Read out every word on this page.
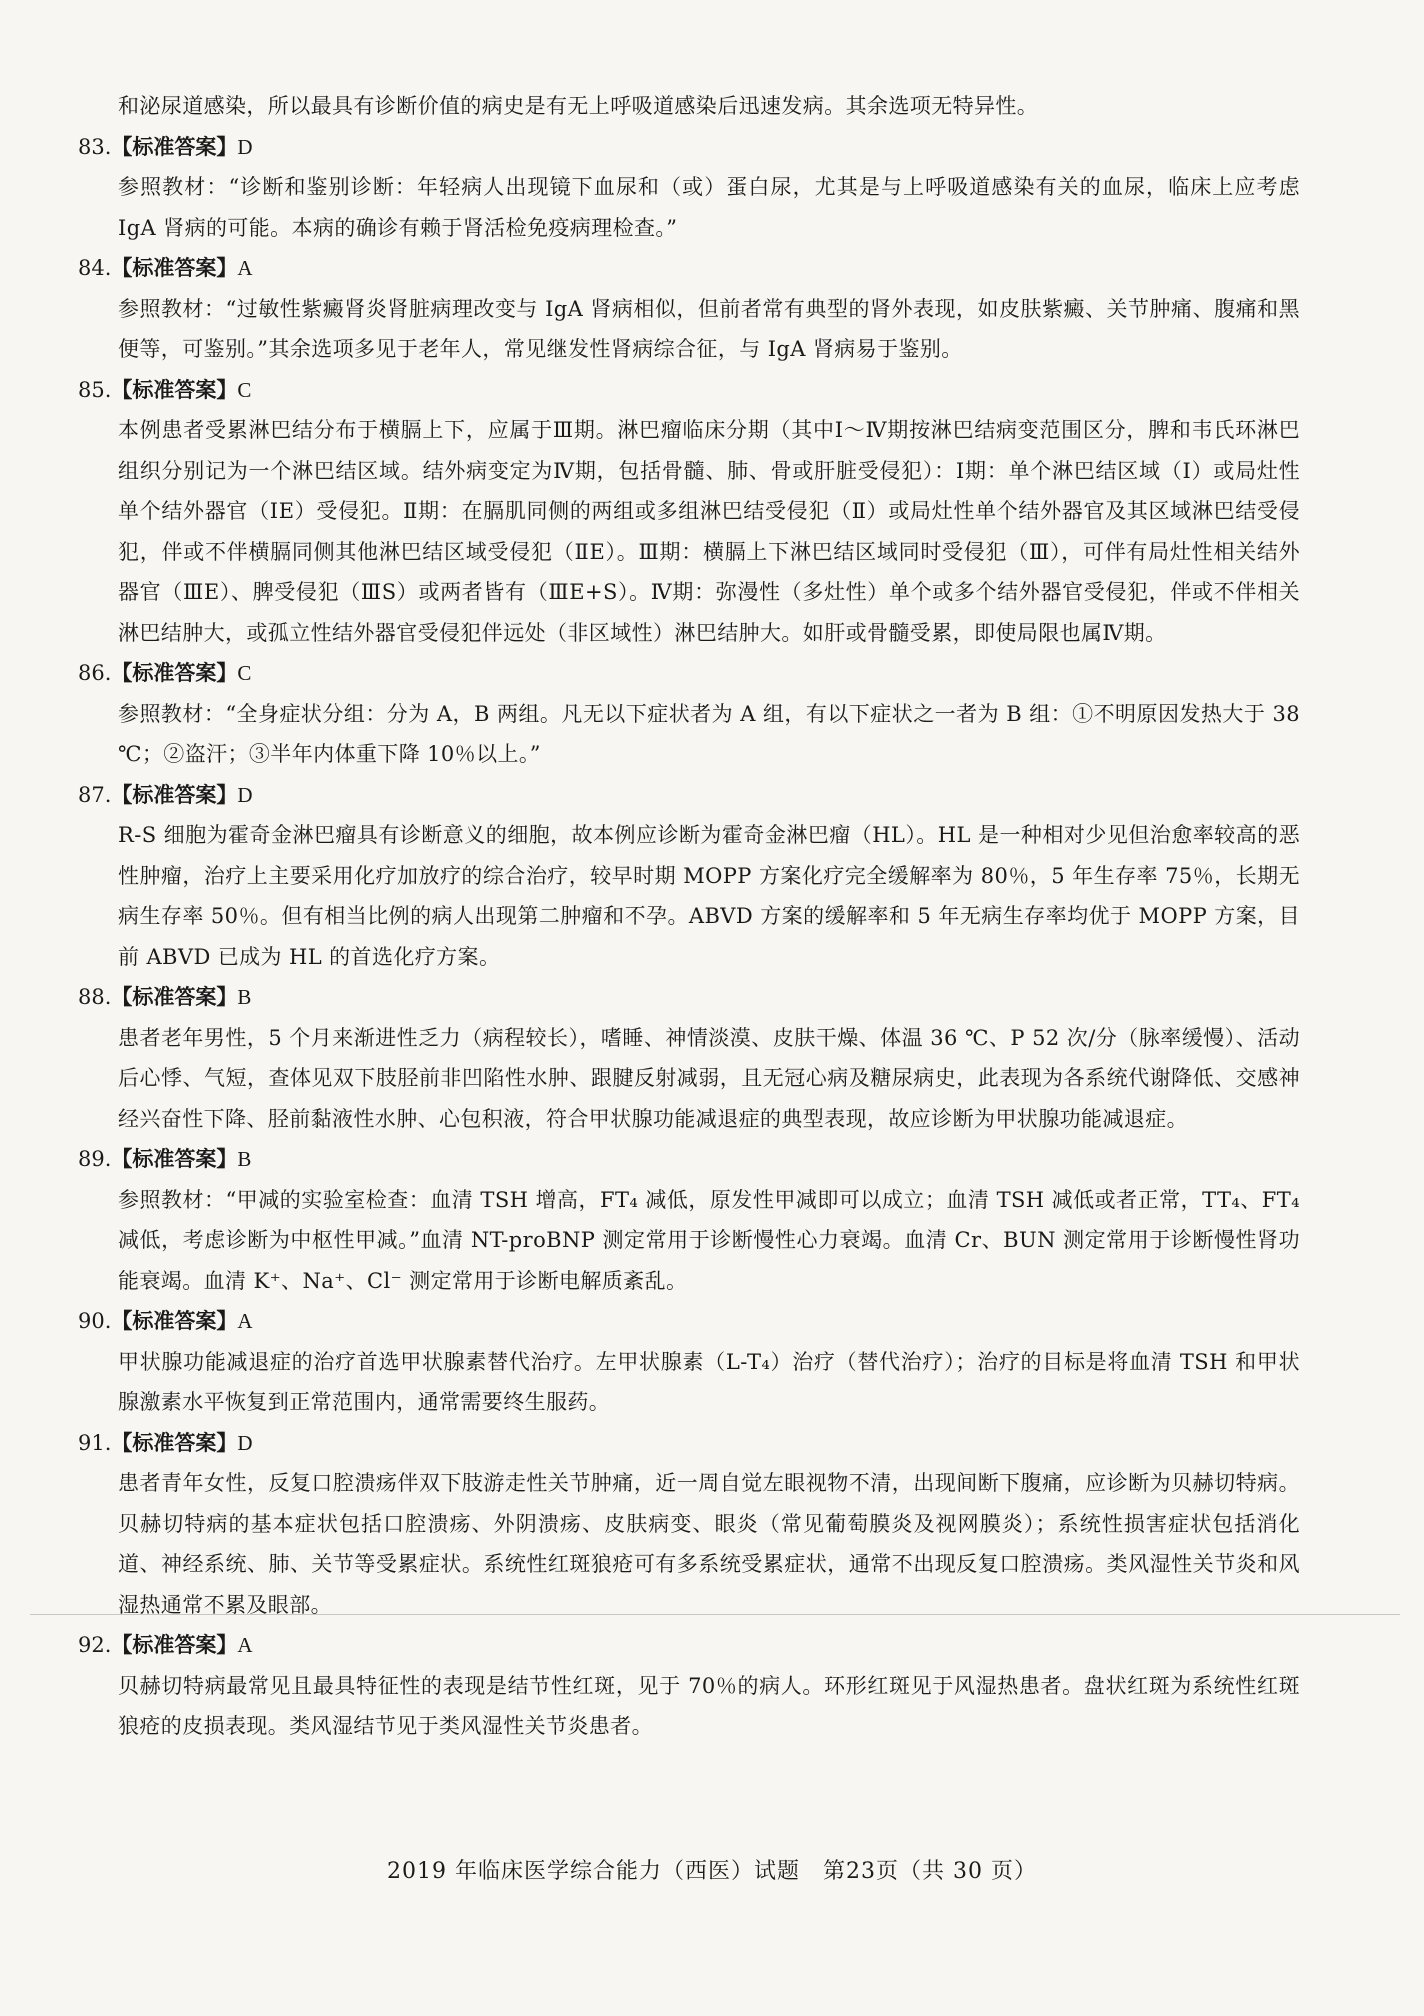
和泌尿道感染，所以最具有诊断价值的病史是有无上呼吸道感染后迅速发病。其余选项无特异性。

83.【标准答案】D

参照教材：“诊断和鉴别诊断：年轻病人出现镜下血尿和（或）蛋白尿，尤其是与上呼吸道感染有关的血尿，临床上应考虑 IgA 肾病的可能。本病的确诊有赖于肾活检免疫病理检查。”

84.【标准答案】A

参照教材：“过敏性紫癜肾炎肾脏病理改变与 IgA 肾病相似，但前者常有典型的肾外表现，如皮肤紫癜、关节肿痛、腹痛和黑便等，可鉴别。”其余选项多见于老年人，常见继发性肾病综合征，与 IgA 肾病易于鉴别。

85.【标准答案】C

本例患者受累淋巴结分布于横膈上下，应属于Ⅲ期。淋巴瘤临床分期（其中Ⅰ～Ⅳ期按淋巴结病变范围区分，脾和韦氏环淋巴组织分别记为一个淋巴结区域。结外病变定为Ⅳ期，包括骨髓、肺、骨或肝脏受侵犯）：Ⅰ期：单个淋巴结区域（Ⅰ）或局灶性单个结外器官（ⅠE）受侵犯。Ⅱ期：在膈肌同侧的两组或多组淋巴结受侵犯（Ⅱ）或局灶性单个结外器官及其区域淋巴结受侵犯，伴或不伴横膈同侧其他淋巴结区域受侵犯（ⅡE）。Ⅲ期：横膈上下淋巴结区域同时受侵犯（Ⅲ），可伴有局灶性相关结外器官（ⅢE）、脾受侵犯（ⅢS）或两者皆有（ⅢE+S）。Ⅳ期：弥漫性（多灶性）单个或多个结外器官受侵犯，伴或不伴相关淋巴结肿大，或孤立性结外器官受侵犯伴远处（非区域性）淋巴结肿大。如肝或骨髓受累，即使局限也属Ⅳ期。

86.【标准答案】C

参照教材：“全身症状分组：分为 A，B 两组。凡无以下症状者为 A 组，有以下症状之一者为 B 组：①不明原因发热大于 38 ℃；②盗汗；③半年内体重下降 10％以上。”

87.【标准答案】D

R-S 细胞为霍奇金淋巴瘤具有诊断意义的细胞，故本例应诊断为霍奇金淋巴瘤（HL）。HL 是一种相对少见但治愈率较高的恶性肿瘤，治疗上主要采用化疗加放疗的综合治疗，较早时期 MOPP 方案化疗完全缓解率为 80％，5 年生存率 75％，长期无病生存率 50％。但有相当比例的病人出现第二肿瘤和不孕。ABVD 方案的缓解率和 5 年无病生存率均优于 MOPP 方案，目前 ABVD 已成为 HL 的首选化疗方案。

88.【标准答案】B

患者老年男性，5 个月来渐进性乏力（病程较长），嗜睡、神情淡漠、皮肤干燥、体温 36 ℃、P 52 次/分（脉率缓慢）、活动后心悸、气短，查体见双下肢胫前非凹陷性水肿、跟腱反射减弱，且无冠心病及糖尿病史，此表现为各系统代谢降低、交感神经兴奋性下降、胫前黏液性水肿、心包积液，符合甲状腺功能减退症的典型表现，故应诊断为甲状腺功能减退症。

89.【标准答案】B

参照教材：“甲减的实验室检查：血清 TSH 增高，FT₄ 减低，原发性甲减即可以成立；血清 TSH 减低或者正常，TT₄、FT₄ 减低，考虑诊断为中枢性甲减。”血清 NT-proBNP 测定常用于诊断慢性心力衰竭。血清 Cr、BUN 测定常用于诊断慢性肾功能衰竭。血清 K⁺、Na⁺、Cl⁻ 测定常用于诊断电解质紊乱。

90.【标准答案】A

甲状腺功能减退症的治疗首选甲状腺素替代治疗。左甲状腺素（L-T₄）治疗（替代治疗）；治疗的目标是将血清 TSH 和甲状腺激素水平恢复到正常范围内，通常需要终生服药。

91.【标准答案】D

患者青年女性，反复口腔溃疡伴双下肢游走性关节肿痛，近一周自觉左眼视物不清，出现间断下腹痛，应诊断为贝赫切特病。贝赫切特病的基本症状包括口腔溃疡、外阴溃疡、皮肤病变、眼炎（常见葡萄膜炎及视网膜炎）；系统性损害症状包括消化道、神经系统、肺、关节等受累症状。系统性红斑狼疮可有多系统受累症状，通常不出现反复口腔溃疡。类风湿性关节炎和风湿热通常不累及眼部。

92.【标准答案】A

贝赫切特病最常见且最具特征性的表现是结节性红斑，见于 70％的病人。环形红斑见于风湿热患者。盘状红斑为系统性红斑狼疮的皮损表现。类风湿结节见于类风湿性关节炎患者。

2019 年临床医学综合能力（西医）试题　第23页（共 30 页）
